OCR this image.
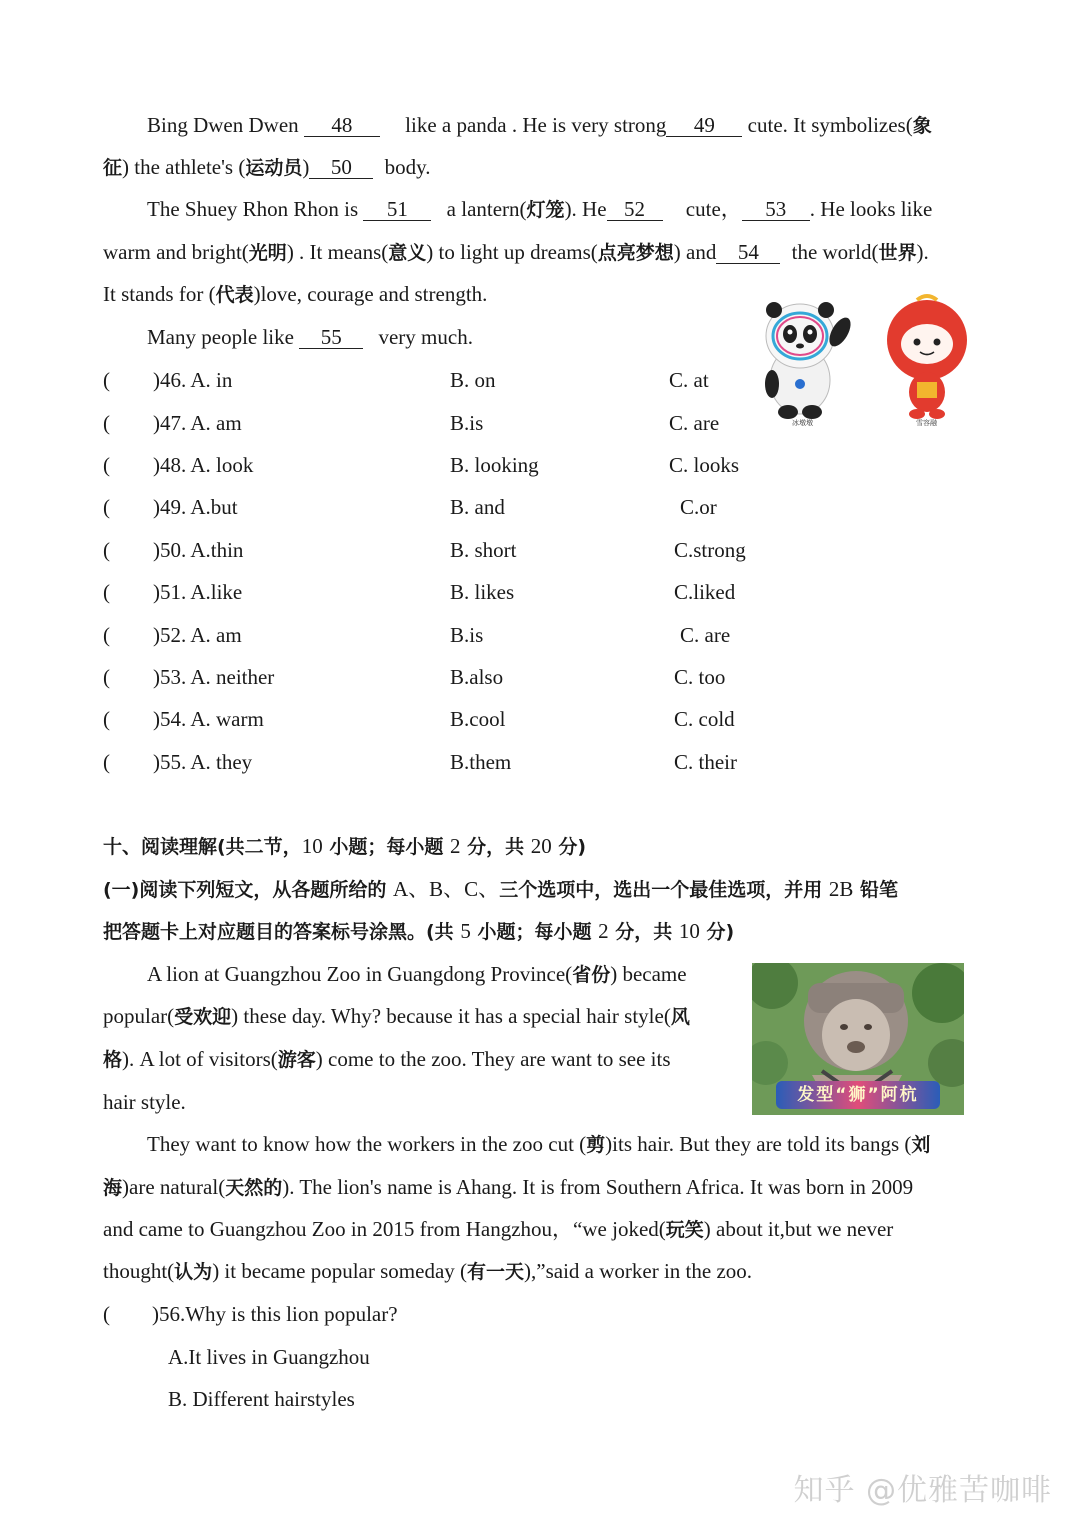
Bing Dwen Dwen 48 like a panda . He is very strong 49 cute. It symbolizes(象
征) the athlete's (运动员) 50 body.
The Shuey Rhon Rhon is 51 a lantern(灯笼). He 52 cute， 53 . He looks like
warm and bright(光明) . It means(意义) to light up dreams(点亮梦想) and 54 the world(世界).
It stands for (代表)love, courage and strength.
Many people like 55 very much.
冰墩墩	雪容融
( )46. A. in	B. on	C. at
( )47. A. am	B.is	C. are
( )48. A. look	B. looking	C. looks
( )49. A.but	B. and	C.or
( )50. A.thin	B. short	C.strong
( )51. A.like	B. likes	C.liked
( )52. A. am	B.is	C. are
( )53. A. neither	B.also	C. too
( )54. A. warm	B.cool	C. cold
( )55. A. they	B.them	C. their
十、阅读理解(共二节，10 小题；每小题 2 分，共 20 分)
(一)阅读下列短文，从各题所给的 A、B、C、三个选项中，选出一个最佳选项，并用 2B 铅笔
把答题卡上对应题目的答案标号涂黑。(共 5 小题；每小题 2 分，共 10 分)
A lion at Guangzhou Zoo in Guangdong Province(省份) became
popular(受欢迎) these day. Why? because it has a special hair style(风
格). A lot of visitors(游客) come to the zoo. They are want to see its
hair style.	发型“狮”阿杭
They want to know how the workers in the zoo cut (剪)its hair. But they are told its bangs (刘
海)are natural(天然的). The lion's name is Ahang. It is from Southern Africa. It was born in 2009
and came to Guangzhou Zoo in 2015 from Hangzhou，“we joked(玩笑) about it,but we never
thought(认为) it became popular someday (有一天),”said a worker in the zoo.
(        )56.Why is this lion popular?
A.It lives in Guangzhou
B. Different hairstyles
知乎 @优雅苦咖啡
